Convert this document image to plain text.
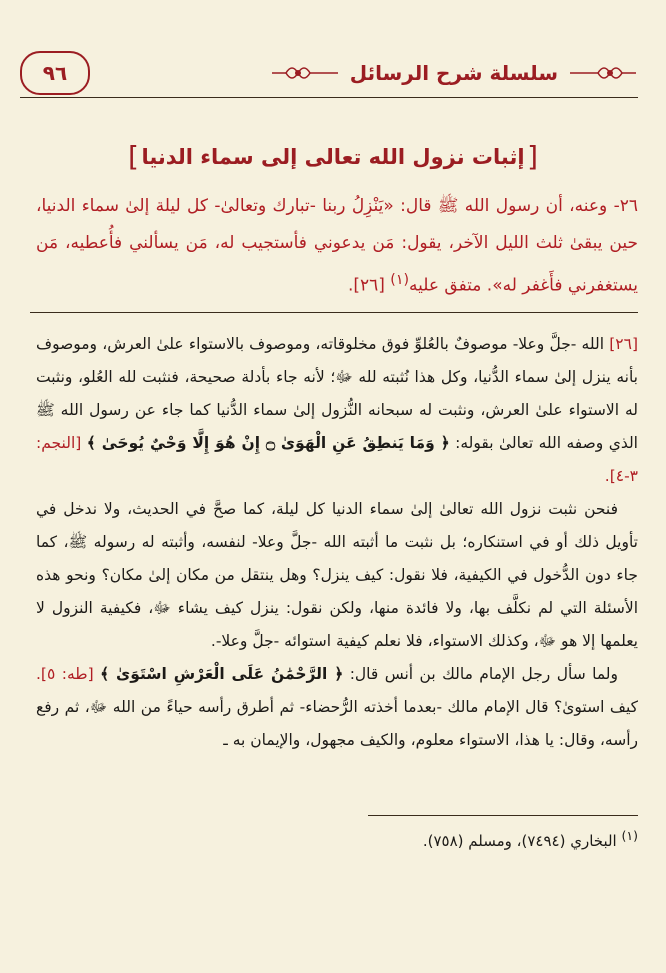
٩٦	سلسلة شرح الرسائل
[
إثبات نزول الله تعالى إلى سماء الدنيا
]
٢٦- وعنه، أن رسول الله ﷺ قال: «يَنْزِلُ ربنا -تبارك وتعالىٰ- كل ليلة إلىٰ سماء الدنيا، حين يبقىٰ ثلث الليل الآخر، يقول: مَن يدعوني فأستجيب له، مَن يسألني فأُعطيه، مَن يستغفرني فأَغفر له». متفق عليه$^{(١)}$ [٢٦].

[٢٦] الله -جلَّ وعلا- موصوفٌ بالعُلوِّ فوق مخلوقاته، وموصوف بالاستواء علىٰ العرش، وموصوف بأنه ينزل إلىٰ سماء الدُّنيا، وكل هذا نُثبته لله ﷻ؛ لأنه جاء بأدلة صحيحة، فنثبت لله العُلو، ونثبت له الاستواء علىٰ العرش، ونثبت له سبحانه النُّزول إلىٰ سماء الدُّنيا كما جاء عن رسول الله ﷺ الذي وصفه الله تعالىٰ بقوله: ﴿ وَمَا يَنطِقُ عَنِ الْهَوَىٰ ۝ إِنْ هُوَ إِلَّا وَحْيٌ يُوحَىٰ ﴾ [النجم: ٣-٤].

فنحن نثبت نزول الله تعالىٰ إلىٰ سماء الدنيا كل ليلة، كما صحَّ في الحديث، ولا ندخل في تأويل ذلك أو في استنكاره؛ بل نثبت ما أثبته الله -جلَّ وعلا- لنفسه، وأثبته له رسوله ﷺ، كما جاء دون الدُّخول في الكيفية، فلا نقول: كيف ينزل؟ وهل ينتقل من مكان إلىٰ مكان؟ ونحو هذه الأسئلة التي لم نكلَّف بها، ولا فائدة منها، ولكن نقول: ينزل كيف يشاء ﷻ، فكيفية النزول لا يعلمها إلا هو ﷻ، وكذلك الاستواء، فلا نعلم كيفية استوائه -جلَّ وعلا-.

ولما سأل رجل الإمام مالك بن أنس قال: ﴿ الرَّحْمَٰنُ عَلَى الْعَرْشِ اسْتَوَىٰ ﴾ [طه: ٥]. كيف استوىٰ؟ قال الإمام مالك -بعدما أخذته الرُّحضاء- ثم أطرق رأسه حياءً من الله ﷻ، ثم رفع رأسه، وقال: يا هذا، الاستواء معلوم، والكيف مجهول، والإيمان به ـ

$^{(١)}$ البخاري (٧٤٩٤)، ومسلم (٧٥٨).
